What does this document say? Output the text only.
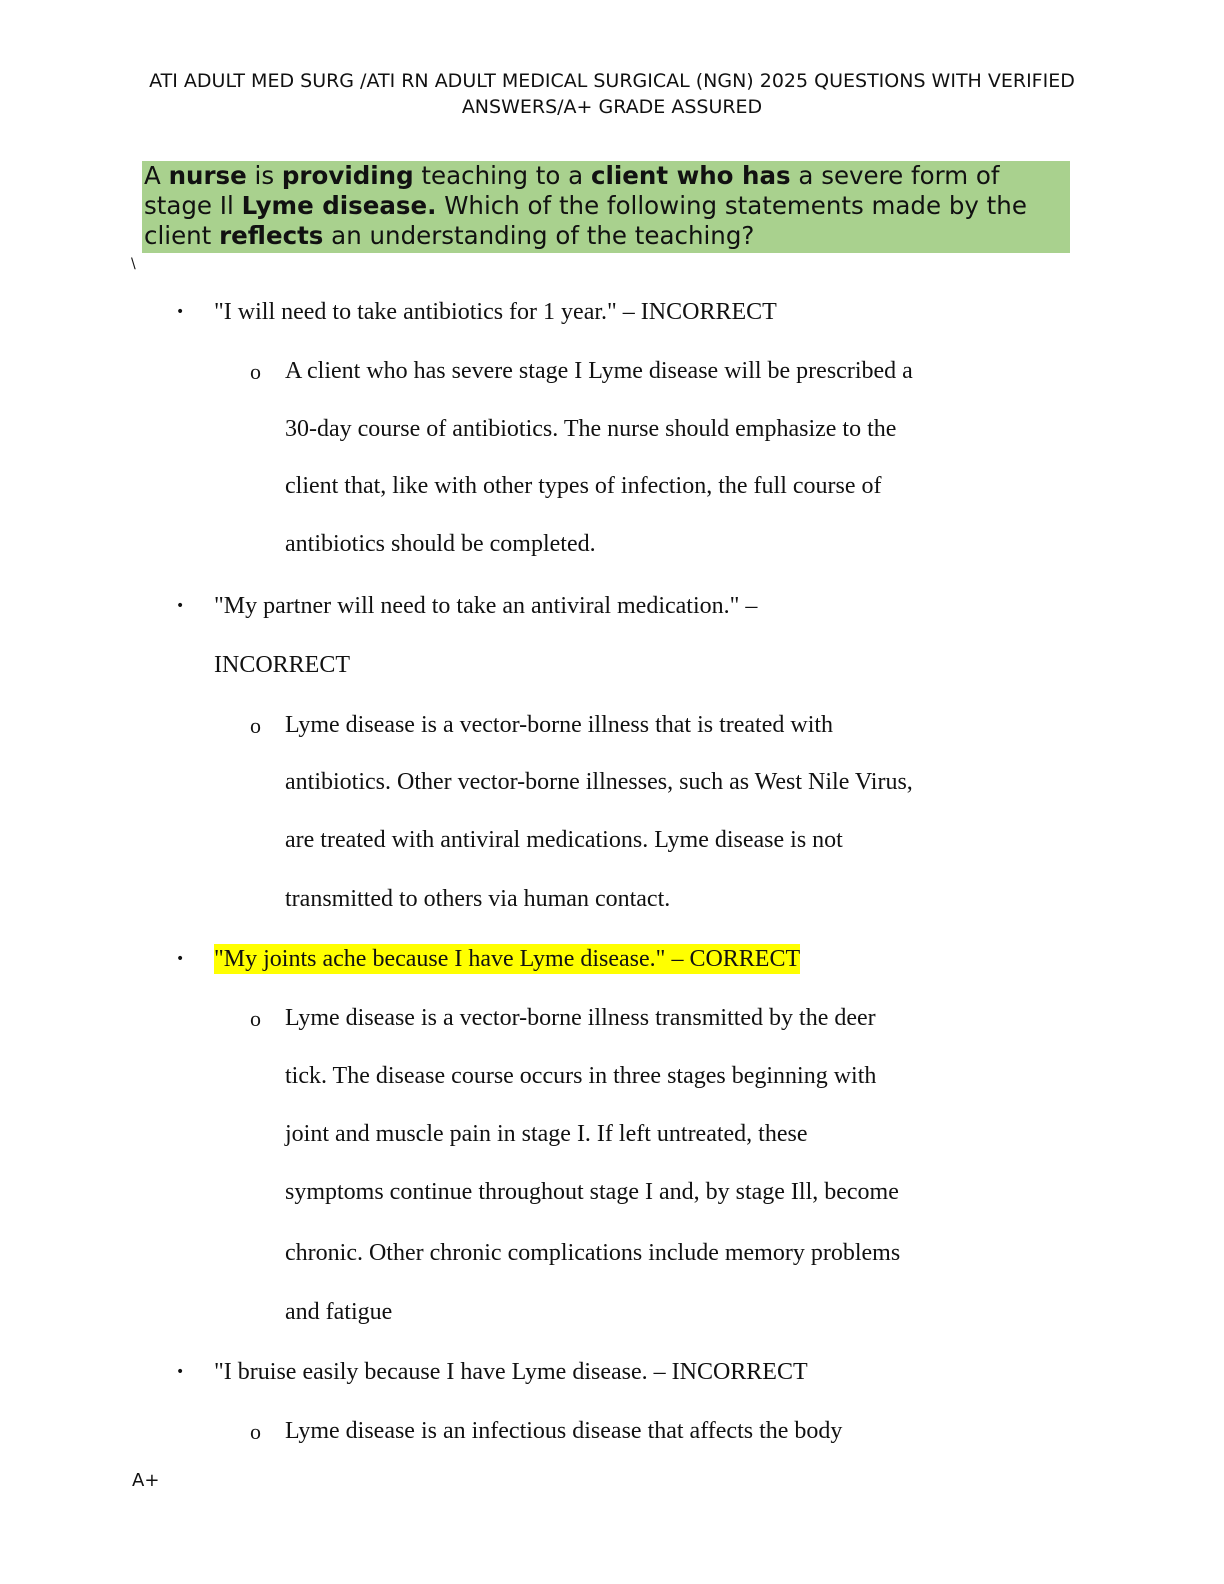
ATI ADULT MED SURG /ATI RN ADULT MEDICAL SURGICAL (NGN) 2025 QUESTIONS WITH VERIFIED
ANSWERS/A+ GRADE ASSURED
A nurse is providing teaching to a client who has a severe form of stage Il Lyme disease. Which of the following statements made by the client reflects an understanding of the teaching?
\
• "I will need to take antibiotics for 1 year." – INCORRECT
o A client who has severe stage I Lyme disease will be prescribed a
30-day course of antibiotics. The nurse should emphasize to the
client that, like with other types of infection, the full course of
antibiotics should be completed.
• "My partner will need to take an antiviral medication." –
INCORRECT
o Lyme disease is a vector-borne illness that is treated with
antibiotics. Other vector-borne illnesses, such as West Nile Virus,
are treated with antiviral medications. Lyme disease is not
transmitted to others via human contact.
• "My joints ache because I have Lyme disease." – CORRECT
o Lyme disease is a vector-borne illness transmitted by the deer
tick. The disease course occurs in three stages beginning with
joint and muscle pain in stage I. If left untreated, these
symptoms continue throughout stage I and, by stage Ill, become
chronic. Other chronic complications include memory problems
and fatigue
• "I bruise easily because I have Lyme disease. – INCORRECT
o Lyme disease is an infectious disease that affects the body
A+
